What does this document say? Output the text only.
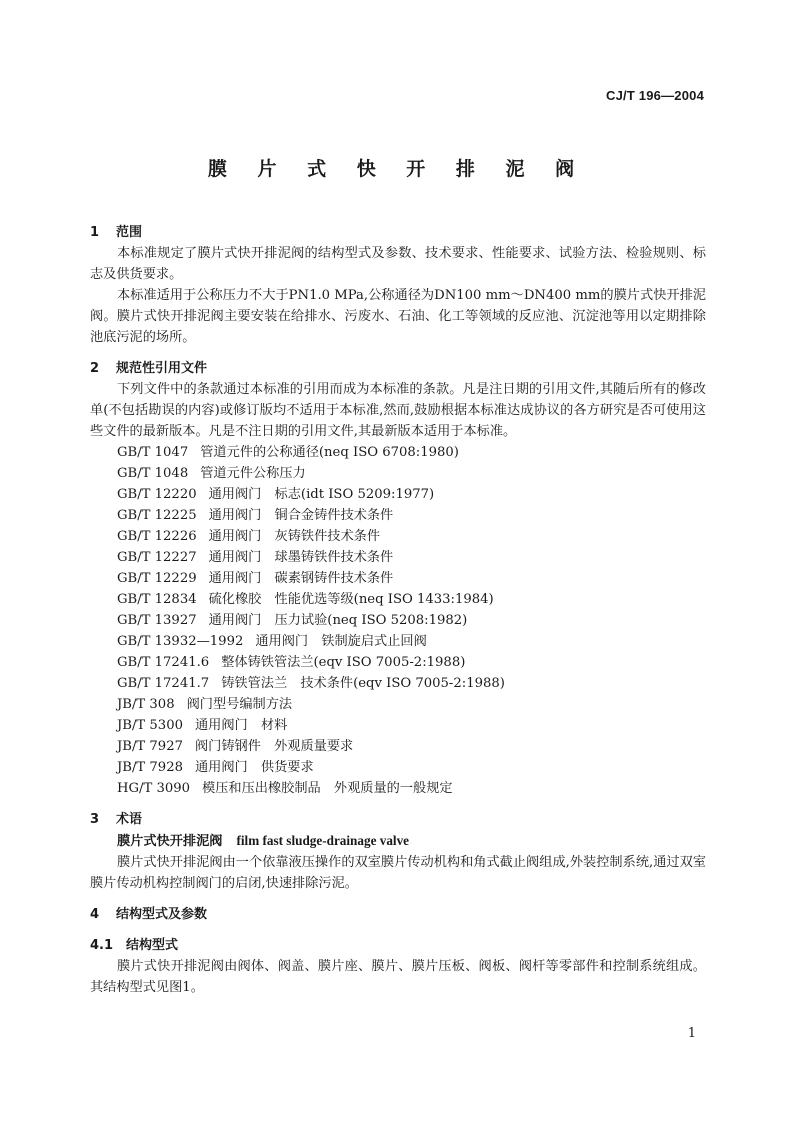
CJ/T 196—2004
膜 片 式 快 开 排 泥 阀
1 范围
本标准规定了膜片式快开排泥阀的结构型式及参数、技术要求、性能要求、试验方法、检验规则、标志及供货要求。
本标准适用于公称压力不大于PN1.0 MPa,公称通径为DN100 mm～DN400 mm的膜片式快开排泥阀。膜片式快开排泥阀主要安装在给排水、污废水、石油、化工等领域的反应池、沉淀池等用以定期排除池底污泥的场所。
2 规范性引用文件
下列文件中的条款通过本标准的引用而成为本标准的条款。凡是注日期的引用文件,其随后所有的修改单(不包括勘误的内容)或修订版均不适用于本标准,然而,鼓励根据本标准达成协议的各方研究是否可使用这些文件的最新版本。凡是不注日期的引用文件,其最新版本适用于本标准。
GB/T 1047 管道元件的公称通径(neq ISO 6708:1980)
GB/T 1048 管道元件公称压力
GB/T 12220 通用阀门　标志(idt ISO 5209:1977)
GB/T 12225 通用阀门　铜合金铸件技术条件
GB/T 12226 通用阀门　灰铸铁件技术条件
GB/T 12227 通用阀门　球墨铸铁件技术条件
GB/T 12229 通用阀门　碳素钢铸件技术条件
GB/T 12834 硫化橡胶　性能优选等级(neq ISO 1433:1984)
GB/T 13927 通用阀门　压力试验(neq ISO 5208:1982)
GB/T 13932—1992 通用阀门　铁制旋启式止回阀
GB/T 17241.6 整体铸铁管法兰(eqv ISO 7005-2:1988)
GB/T 17241.7 铸铁管法兰　技术条件(eqv ISO 7005-2:1988)
JB/T 308 阀门型号编制方法
JB/T 5300 通用阀门　材料
JB/T 7927 阀门铸钢件　外观质量要求
JB/T 7928 通用阀门　供货要求
HG/T 3090 模压和压出橡胶制品　外观质量的一般规定
3 术语
膜片式快开排泥阀 film fast sludge-drainage valve
膜片式快开排泥阀由一个依靠液压操作的双室膜片传动机构和角式截止阀组成,外装控制系统,通过双室膜片传动机构控制阀门的启闭,快速排除污泥。
4 结构型式及参数
4.1 结构型式
膜片式快开排泥阀由阀体、阀盖、膜片座、膜片、膜片压板、阀板、阀杆等零部件和控制系统组成。其结构型式见图1。
1
